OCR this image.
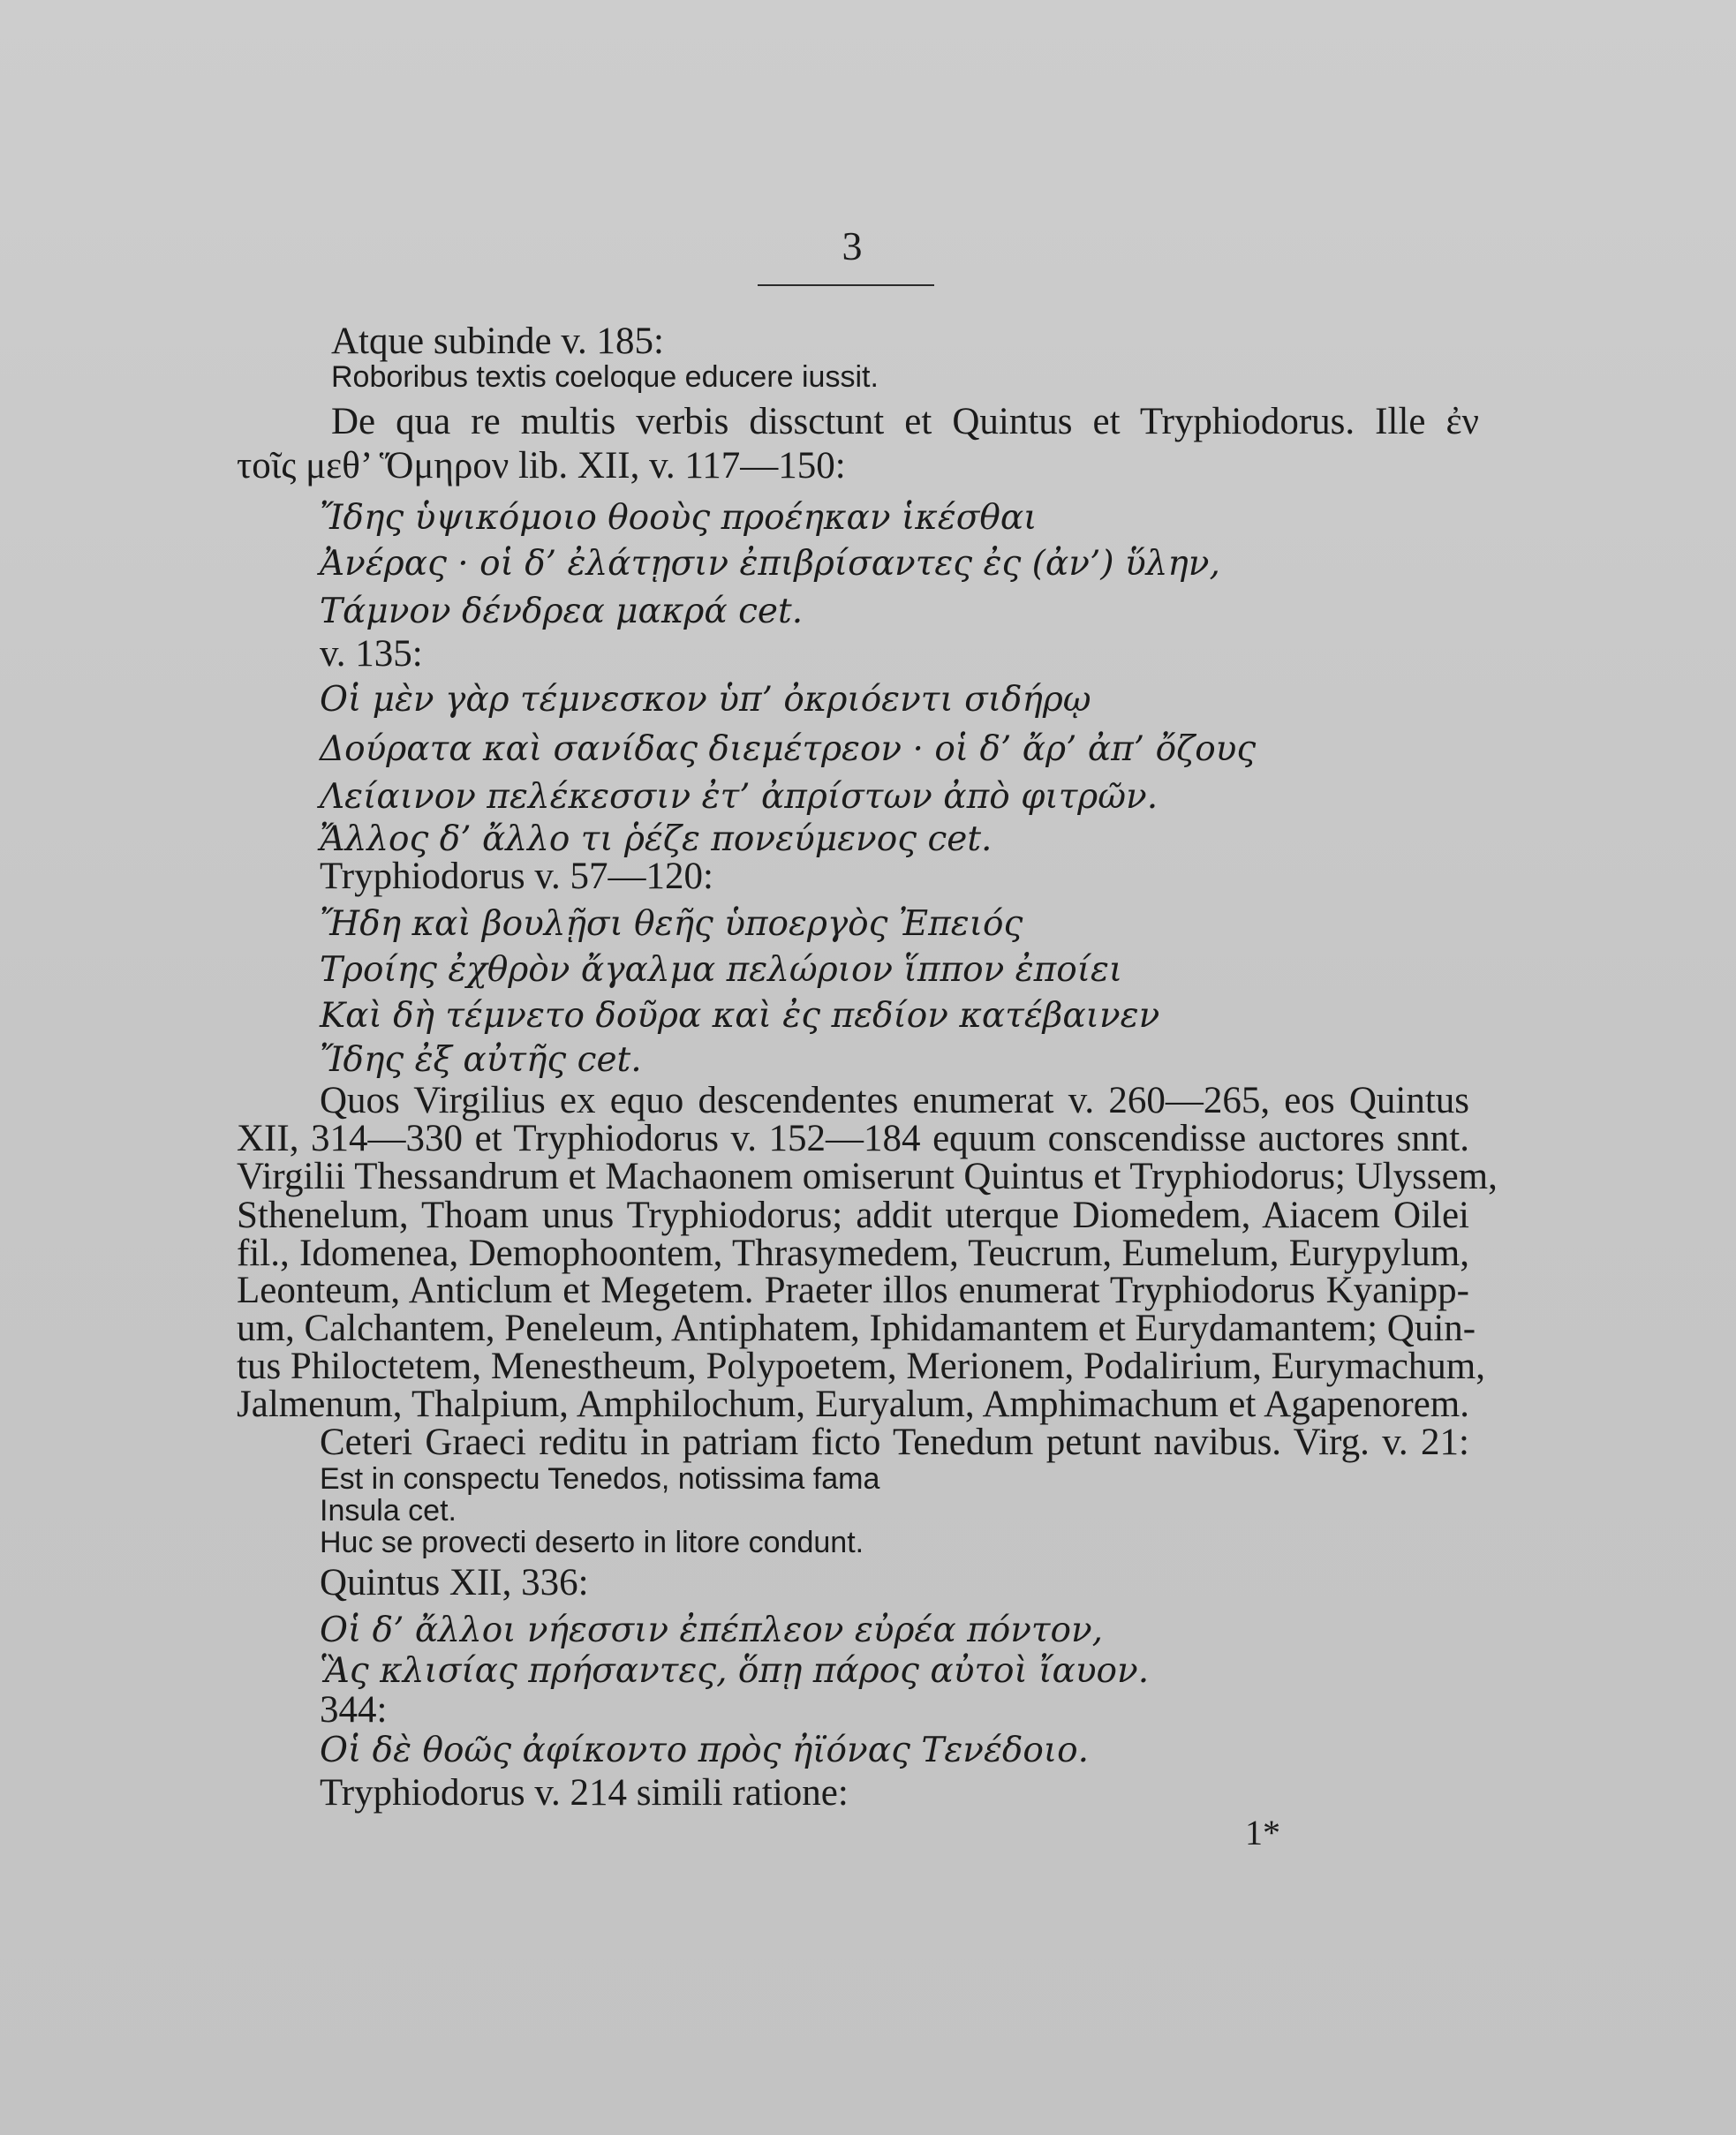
3
Atque subinde v. 185:
Roboribus textis coeloque educere iussit.
De qua re multis verbis dissctunt et Quintus et Tryphiodorus. Ille ἐν
τοῖς μεθ’ Ὅμηρον lib. XII, v. 117—150:
Ἴδης ὑψικόμοιο θοοὺς προέηκαν ἱκέσθαι
Ἀνέρας · οἱ δ’ ἐλάτῃσιν ἐπιβρίσαντες ἐς (ἀν’) ὕλην,
Τάμνον δένδρεα μακρά cet.
v. 135:
Οἱ μὲν γὰρ τέμνεσκον ὑπ’ ὀκριόεντι σιδήρῳ
Δούρατα καὶ σανίδας διεμέτρεον · οἱ δ’ ἄρ’ ἀπ’ ὄζους
Λείαινον πελέκεσσιν ἐτ’ ἀπρίστων ἀπὸ φιτρῶν.
Ἄλλος δ’ ἄλλο τι ῥέζε πονεύμενος cet.
Tryphiodorus v. 57—120:
Ἤδη καὶ βουλῇσι θεῆς ὑποεργὸς Ἐπειός
Τροίης ἐχθρὸν ἄγαλμα πελώριον ἵππον ἐποίει
Καὶ δὴ τέμνετο δοῦρα καὶ ἐς πεδίον κατέβαινεν
Ἴδης ἐξ αὐτῆς cet.
Quos Virgilius ex equo descendentes enumerat v. 260—265, eos Quintus
XII, 314—330 et Tryphiodorus v. 152—184 equum conscendisse auctores snnt.
Virgilii Thessandrum et Machaonem omiserunt Quintus et Tryphiodorus; Ulyssem,
Sthenelum, Thoam unus Tryphiodorus; addit uterque Diomedem, Aiacem Oilei
fil., Idomenea, Demophoontem, Thrasymedem, Teucrum, Eumelum, Eurypylum,
Leonteum, Anticlum et Megetem. Praeter illos enumerat Tryphiodorus Kyanipp-
um, Calchantem, Peneleum, Antiphatem, Iphidamantem et Eurydamantem; Quin-
tus Philoctetem, Menestheum, Polypoetem, Merionem, Podalirium, Eurymachum,
Jalmenum, Thalpium, Amphilochum, Euryalum, Amphimachum et Agapenorem.
Ceteri Graeci reditu in patriam ficto Tenedum petunt navibus. Virg. v. 21:
Est in conspectu Tenedos, notissima fama
Insula cet.
Huc se provecti deserto in litore condunt.
Quintus XII, 336:
Οἱ δ’ ἄλλοι νήεσσιν ἐπέπλεον εὐρέα πόντον,
Ἃς κλισίας πρήσαντες, ὅπῃ πάρος αὐτοὶ ἴαυον.
344:
Οἱ δὲ θοῶς ἀφίκοντο πρὸς ἠϊόνας Τενέδοιο.
Tryphiodorus v. 214 simili ratione:
1*
